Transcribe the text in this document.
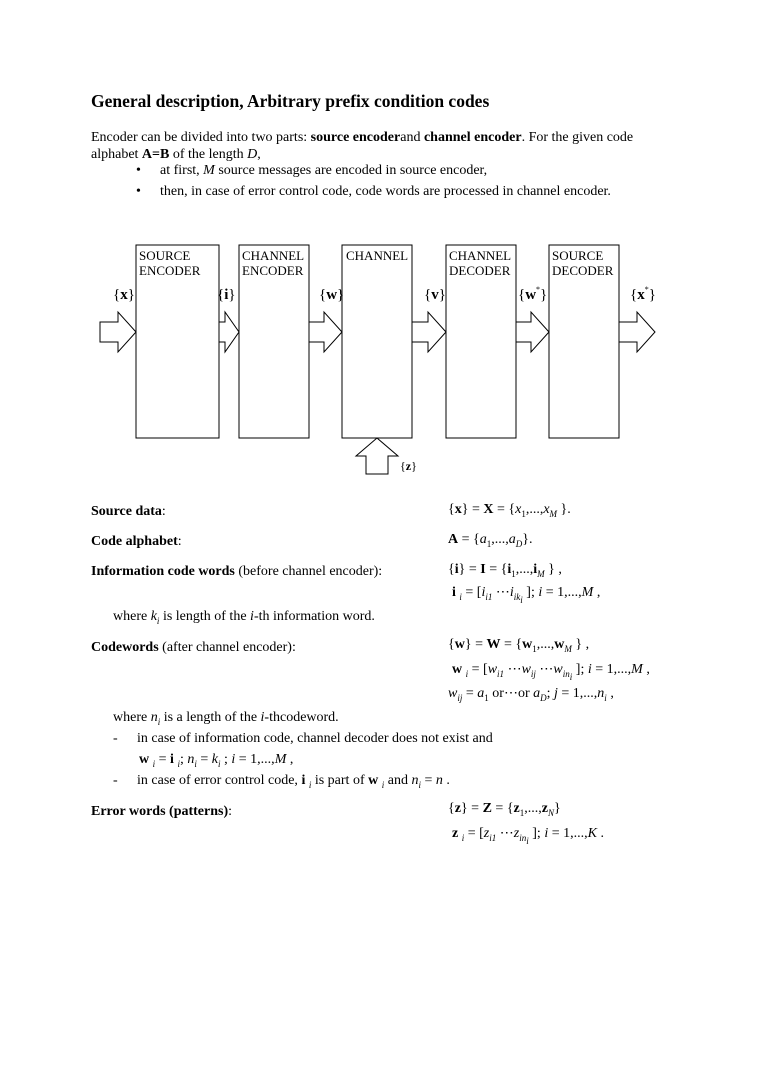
General description, Arbitrary prefix condition codes
Encoder can be divided into two parts: source encoderand channel encoder. For the given code alphabet A=B of the length D,
• at first, M source messages are encoded in source encoder,
• then, in case of error control code, code words are processed in channel encoder.
SOURCE
ENCODER
CHANNEL
ENCODER
CHANNEL	CHANNEL
DECODER
SOURCE
DECODER
{x}	{i}	{w}	{v}	{w*}	{x*}
{z}
Source data:	$\{x\} = X = \{x_1,...,x_M$ }.
Code alphabet:	$A = \{a_1,...,a_D\}$.
Information code words (before channel encoder):	$\{i\} = I = \{i_1,...,i_M$ } ,
i $_i = [i_{i1}$ $\cdots i_{ik_i}$ ]; i = 1,...,M ,
where $k_i$ is length of the i-th information word.
Codewords (after channel encoder):	$\{w\} = W = \{w_1,...,w_M$ } ,
w $_i = [w_{i1}$ $\cdots w_{ij}$ $\cdots w_{in_i}$ ]; i = 1,...,M ,
$w_{ij} = a_1$ or⋯or $a_D$; $j = 1,...,n_i$ ,
where $n_i$ is a length of the i-thcodeword.
- in case of information code, channel decoder does not exist and
w $_i$ = i $_i$; $n_i = k_i$ ; i = 1,...,M ,
- in case of error control code, i $_i$ is part of w $_i$ and $n_i = n$ .
Error words (patterns):	$\{z\} = Z = \{z_1,...,z_N\}$
z $_i = [z_{i1}$ $\cdots z_{in_i}$ ]; i = 1,...,K .
